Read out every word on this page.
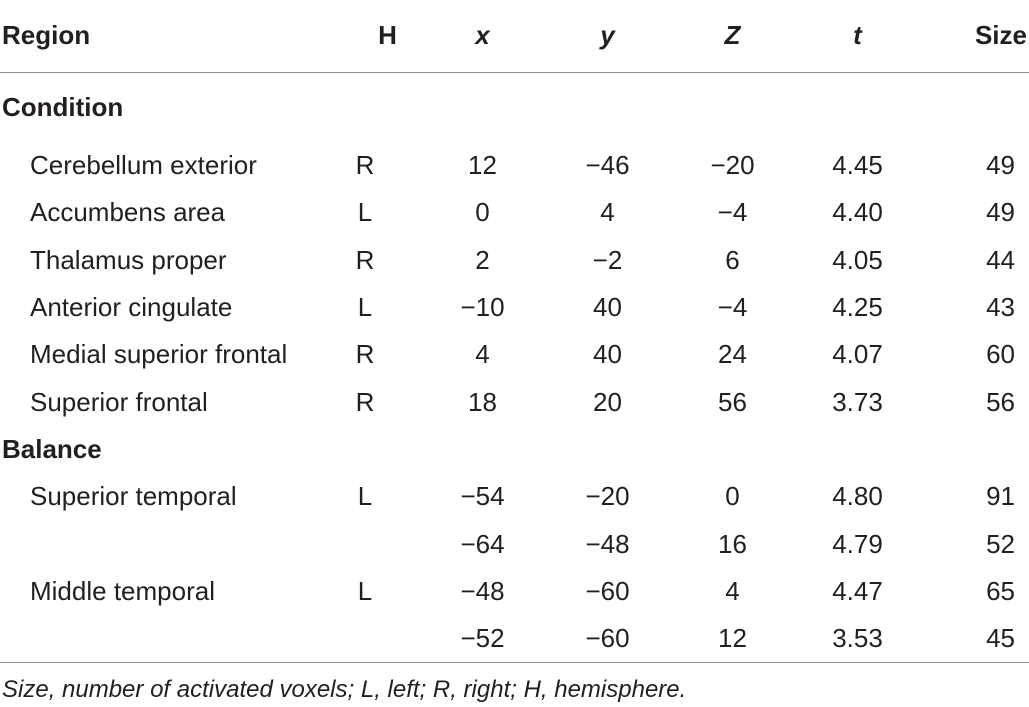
Region	H	x	y	Z	t	Size
Condition						
Cerebellum exterior	R	12	−46	−20	4.45	49
Accumbens area	L	0	4	−4	4.40	49
Thalamus proper	R	2	−2	6	4.05	44
Anterior cingulate	L	−10	40	−4	4.25	43
Medial superior frontal	R	4	40	24	4.07	60
Superior frontal	R	18	20	56	3.73	56
Balance						
Superior temporal	L	−54	−20	0	4.80	91
		−64	−48	16	4.79	52
Middle temporal	L	−48	−60	4	4.47	65
		−52	−60	12	3.53	45
Size, number of activated voxels; L, left; R, right; H, hemisphere.
